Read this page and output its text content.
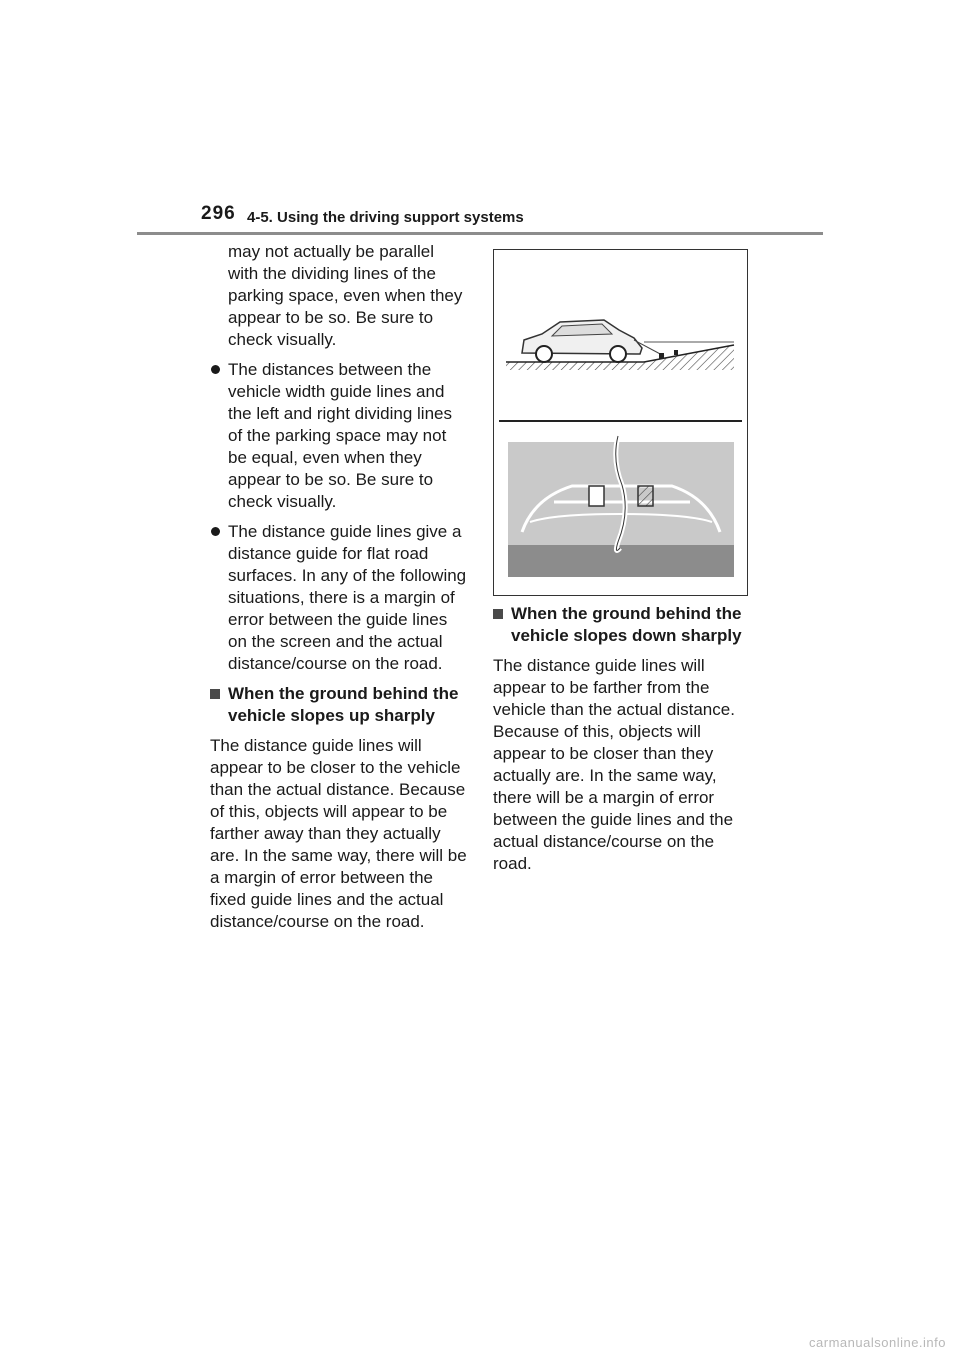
296 4-5. Using the driving support systems

may not actually be parallel with the dividing lines of the parking space, even when they appear to be so. Be sure to check visually.

The distances between the vehicle width guide lines and the left and right dividing lines of the parking space may not be equal, even when they appear to be so. Be sure to check visually.
The distance guide lines give a distance guide for flat road surfaces. In any of the following situations, there is a margin of error between the guide lines on the screen and the actual distance/course on the road.
When the ground behind the vehicle slopes up sharply

The distance guide lines will appear to be closer to the vehicle than the actual distance. Because of this, objects will appear to be farther away than they actually are. In the same way, there will be a margin of error between the fixed guide lines and the actual distance/course on the road.

When the ground behind the vehicle slopes down sharply

The distance guide lines will appear to be farther from the vehicle than the actual distance. Because of this, objects will appear to be closer than they actually are. In the same way, there will be a margin of error between the guide lines and the actual distance/course on the road.

carmanualsonline.info
